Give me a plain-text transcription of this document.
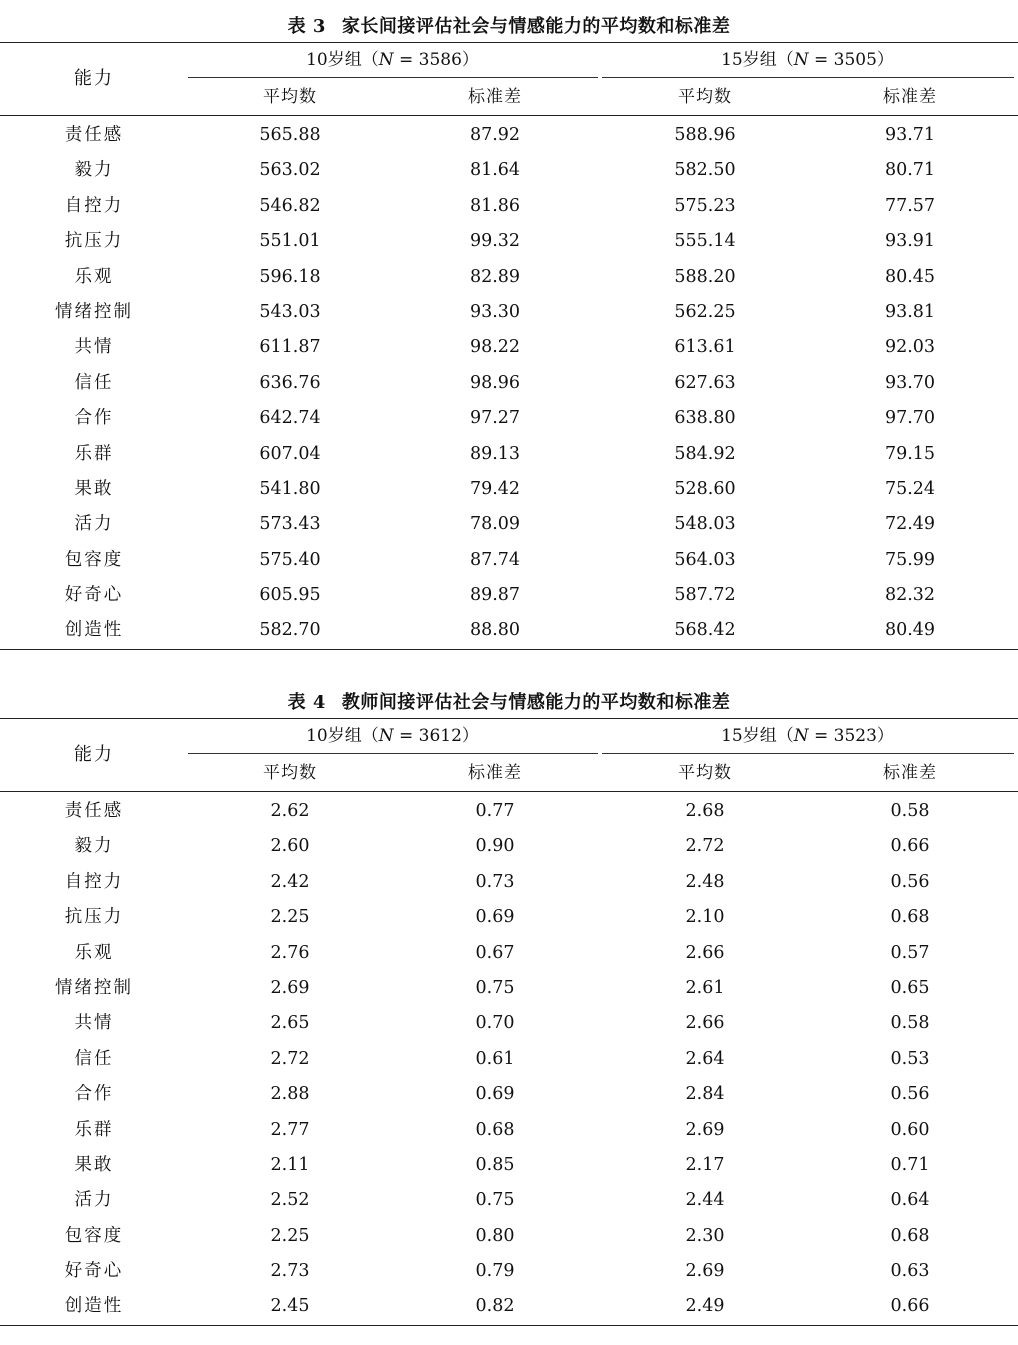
表 3 家长间接评估社会与情感能力的平均数和标准差
能力
10岁组（N = 3586）	15岁组（N = 3505）
平均数	标准差	平均数	标准差
责任感	565.88	87.92	588.96	93.71
毅力	563.02	81.64	582.50	80.71
自控力	546.82	81.86	575.23	77.57
抗压力	551.01	99.32	555.14	93.91
乐观	596.18	82.89	588.20	80.45
情绪控制	543.03	93.30	562.25	93.81
共情	611.87	98.22	613.61	92.03
信任	636.76	98.96	627.63	93.70
合作	642.74	97.27	638.80	97.70
乐群	607.04	89.13	584.92	79.15
果敢	541.80	79.42	528.60	75.24
活力	573.43	78.09	548.03	72.49
包容度	575.40	87.74	564.03	75.99
好奇心	605.95	89.87	587.72	82.32
创造性	582.70	88.80	568.42	80.49
表 4 教师间接评估社会与情感能力的平均数和标准差
能力
10岁组（N = 3612）	15岁组（N = 3523）
平均数	标准差	平均数	标准差
责任感	2.62	0.77	2.68	0.58
毅力	2.60	0.90	2.72	0.66
自控力	2.42	0.73	2.48	0.56
抗压力	2.25	0.69	2.10	0.68
乐观	2.76	0.67	2.66	0.57
情绪控制	2.69	0.75	2.61	0.65
共情	2.65	0.70	2.66	0.58
信任	2.72	0.61	2.64	0.53
合作	2.88	0.69	2.84	0.56
乐群	2.77	0.68	2.69	0.60
果敢	2.11	0.85	2.17	0.71
活力	2.52	0.75	2.44	0.64
包容度	2.25	0.80	2.30	0.68
好奇心	2.73	0.79	2.69	0.63
创造性	2.45	0.82	2.49	0.66
